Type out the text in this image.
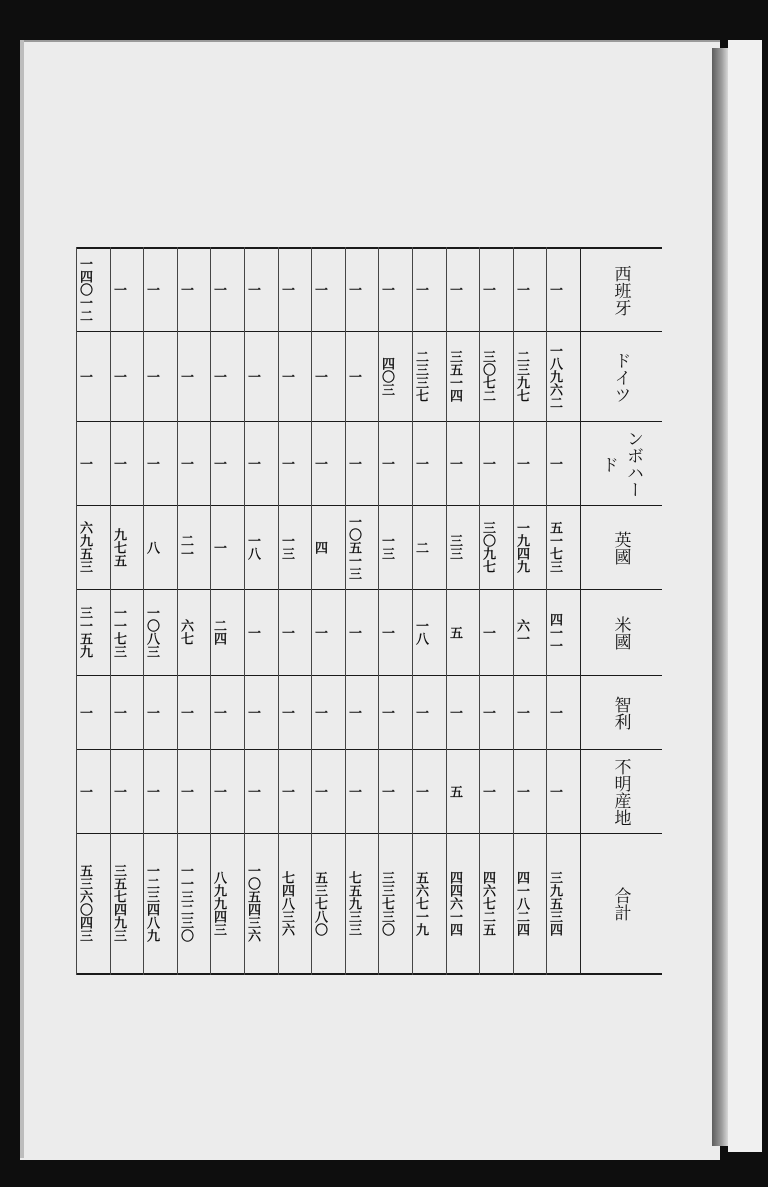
西班牙
ドイツ
ンボハード
英國
米國
智利
不明産地
合計
一
一八九六二
一
五一七三
四一一
一
一
三九五三四
一
二三九七
一
一九四九
六一
一
一
四一八二四
一
三〇七二
一
三〇九七
一
一
一
四六七二五
一
三五一四
一
三三
五
一
五
四四六一四
一
二三三七
一
二
一八
一
一
五六七一九
一
四〇三
一
一三
一
一
一
三三七三〇
一
一
一
一〇五一三
一
一
一
七五九三三
一
一
一
四
一
一
一
五三七八〇
一
一
一
一三
一
一
一
七四八三六
一
一
一
一八
一
一
一
一〇五四三六
一
一
一
一
二四
一
一
八九九四三
一
一
一
二一
六七
一
一
一一三二三〇
一
一
一
八
一〇八三
一
一
一二三四八九
一
一
一
九七五
一一七三
一
一
三五七四九三
一四〇一二
一
一
六九五三
三一五九
一
一
五三六〇四三
